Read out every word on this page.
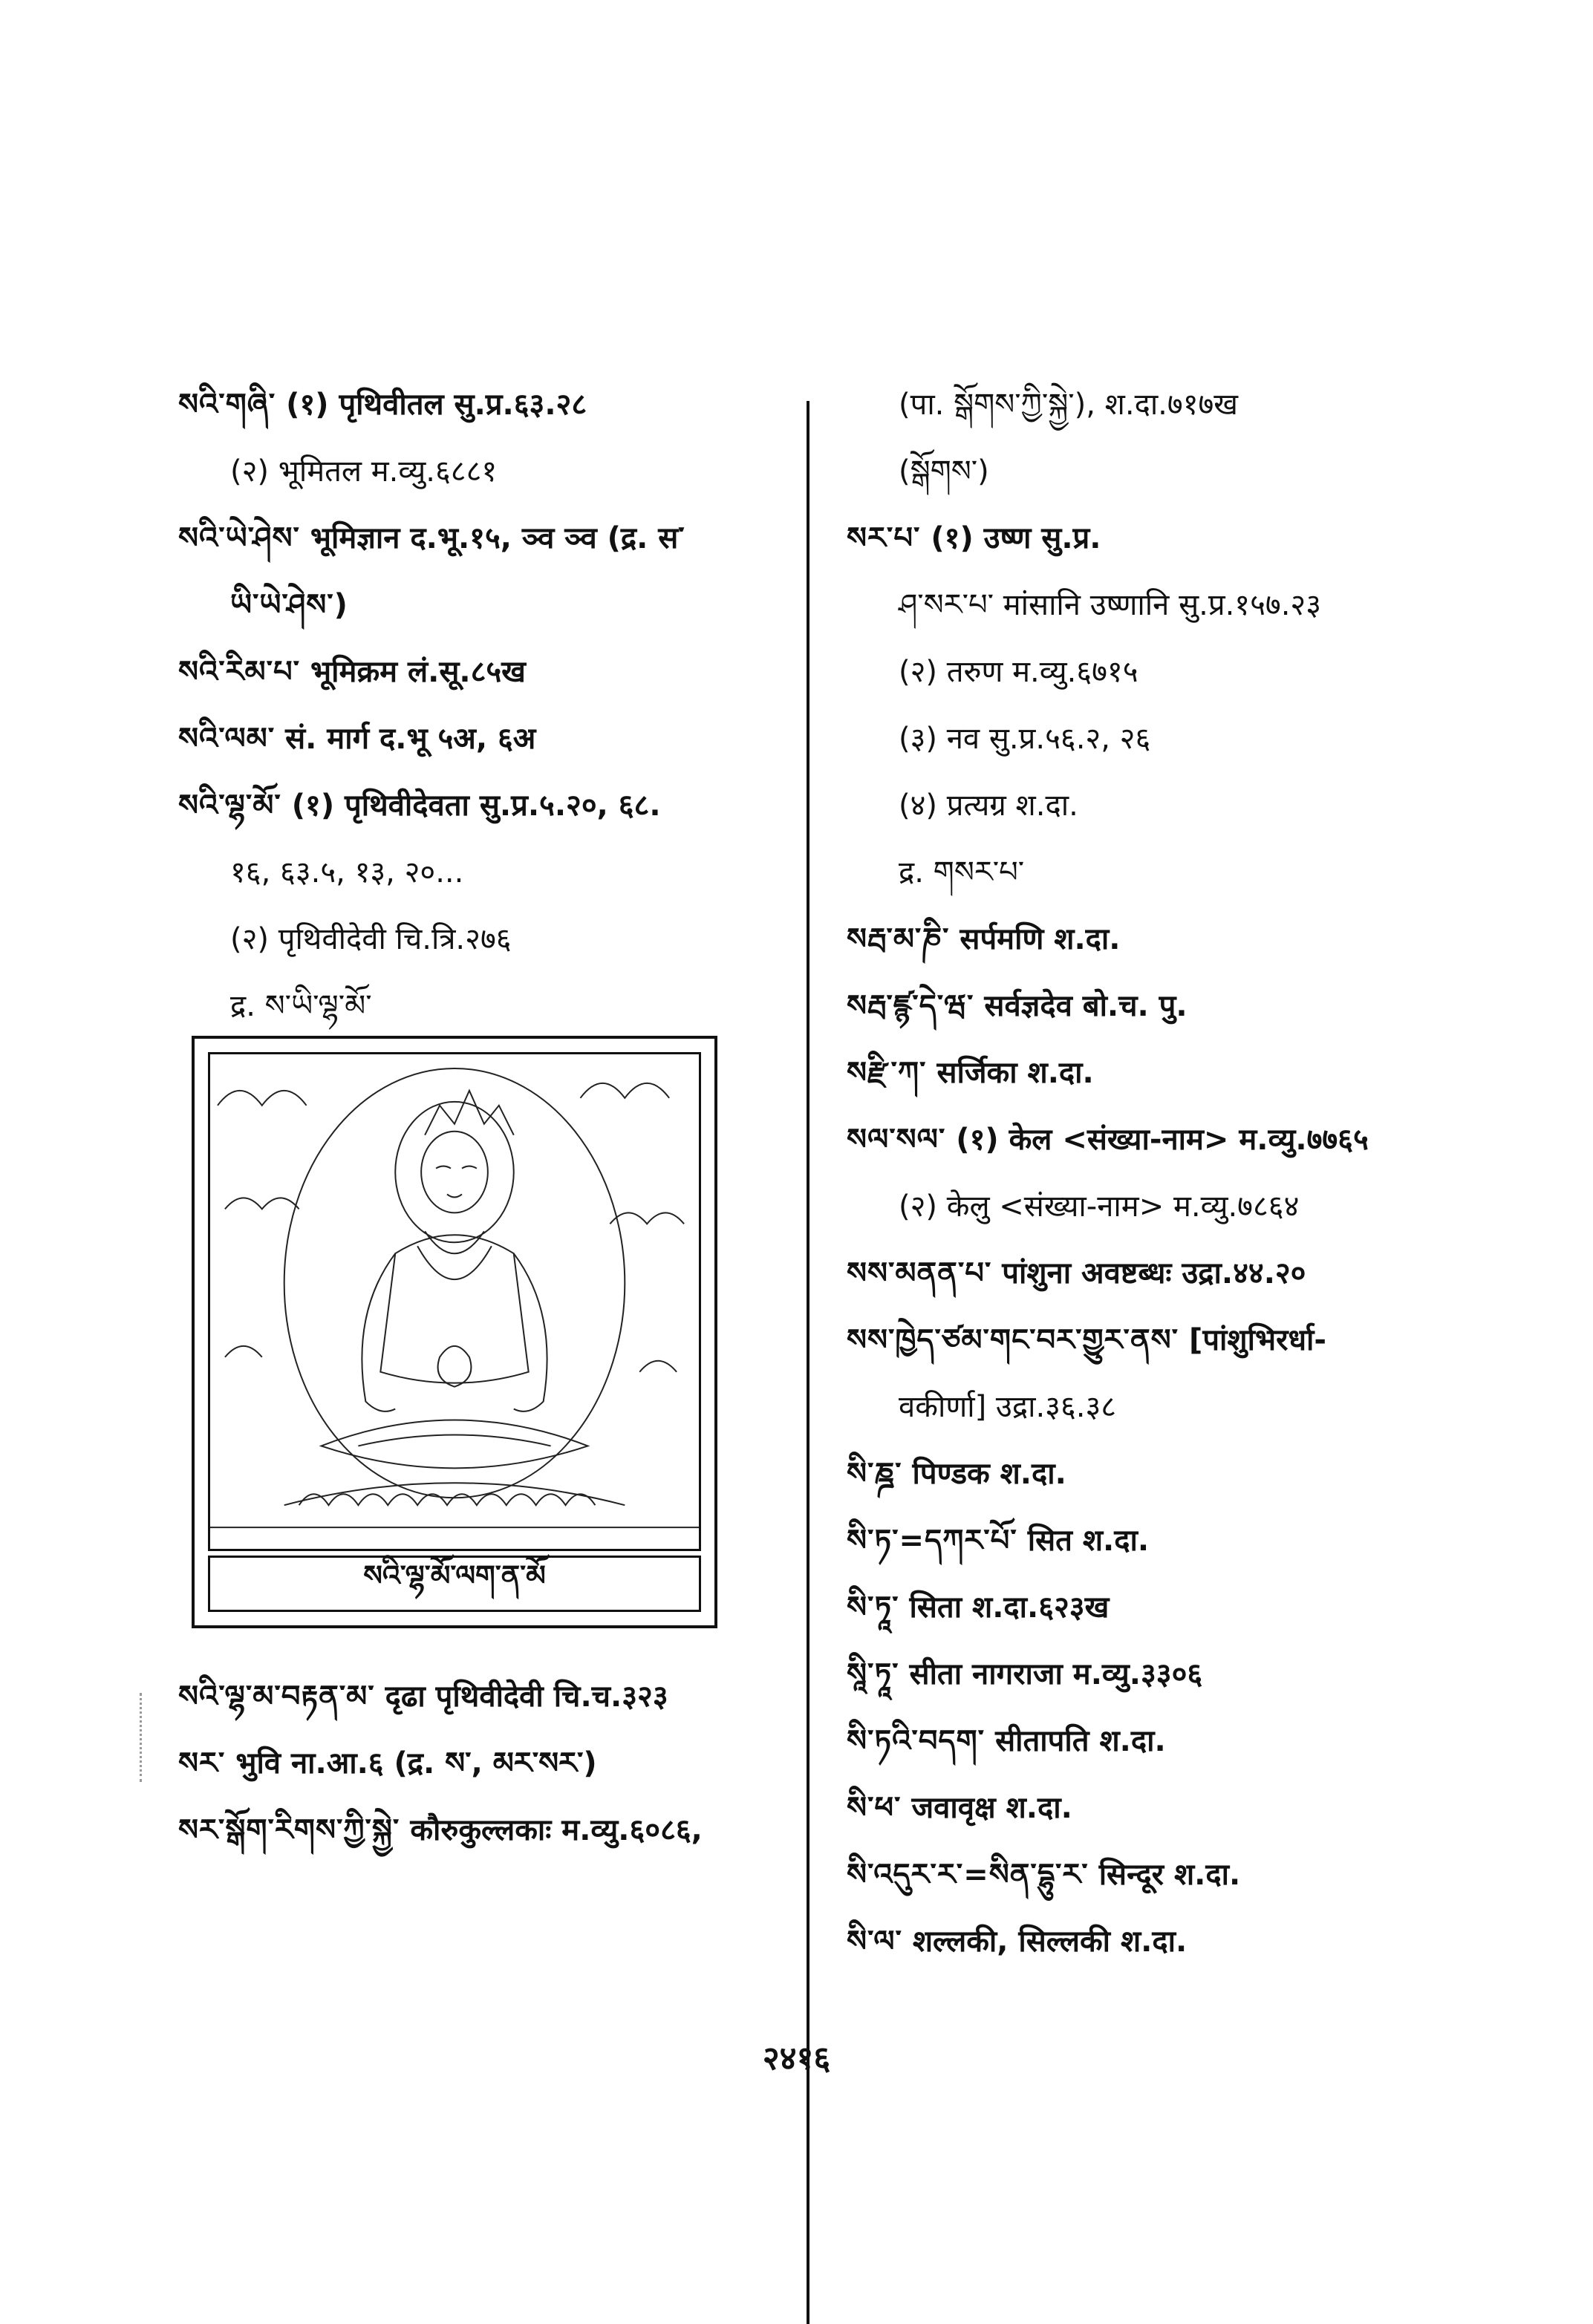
སའི་གཞི་ (१) पृथिवीतल सु.प्र.६३.२८
(२) भूमितल म.व्यु.६८८१
སའི་ཡེ་ཤེས་ भूमिज्ञान द.भू.१५, ञ्व ञ्व (द्र. स་
ཡི་ཡེ་ཤེས་)
སའི་རིམ་པ་ भूमिक्रम लं.सू.८५ख
སའི་ལམ་ सं. मार्ग द.भू ५अ, ६अ
སའི་ལྷ་མོ་ (१) पृथिवीदेवता सु.प्र.५.२०, ६८.
१६, ६३.५, १३, २०...
(२) पृथिवीदेवी चि.त्रि.२७६
द्र. ས་ཡི་ལྷ་མོ་
སའི་ལྷ་མོ་ལག་ན་མོ
སའི་ལྷ་མ་བརྟན་མ་ दृढा पृथिवीदेवी चि.च.३२३
སར་ भुवि ना.आ.६ (द्र. ས་, མར་སར་)
སར་སྒོག་རིགས་ཀྱི་སྐྱེ་ कौरुकुल्लकाः म.व्यु.६०८६,
(पा. སྒོགས་ཀྱི་སྐྱེ་), श.दा.७१७ख
(སྒོགས་)
སར་པ་ (१) उष्ण सु.प्र.
ཤ་སར་པ་ मांसानि उष्णानि सु.प्र.१५७.२३
(२) तरुण म.व्यु.६७१५
(३) नव सु.प्र.५६.२, २६
(४) प्रत्यग्र श.दा.
द्र. གསར་པ་
སརྦ་མ་ཎི་ सर्पमणि श.दा.
སརྦ་ཛྙ་དེ་ཝ་ सर्वज्ञदेव बो.च. पु.
སརྫི་ཀ་ सर्जिका श.दा.
སལ་སལ་ (१) केल <संख्या-नाम> म.व्यु.७७६५
(२) केलु <संख्या-नाम> म.व्यु.७८६४
སས་མནན་པ་ पांशुना अवष्टब्धः उद्रा.४४.२०
སས་ཁྱེད་ཙམ་གང་བར་གྱུར་ནས་ [पांशुभिरर्धा-
वकीर्णा] उद्रा.३६.३८
སི་ཎྜ་ पिण्डक श.दा.
སི་ཏ་=དཀར་པོ་ सित श.दा.
སི་ཏཱ་ सिता श.दा.६२३ख
སཱི་ཏཱ་ सीता नागराजा म.व्यु.३३०६
སི་ཏའི་བདག་ सीतापति श.दा.
སི་ཕ་ जवावृक्ष श.दा.
སི་འདུར་ར་=སིན་དྷུ་ར་ सिन्दूर श.दा.
སི་ལ་ शल्लकी, सिल्लकी श.दा.
२४१६
